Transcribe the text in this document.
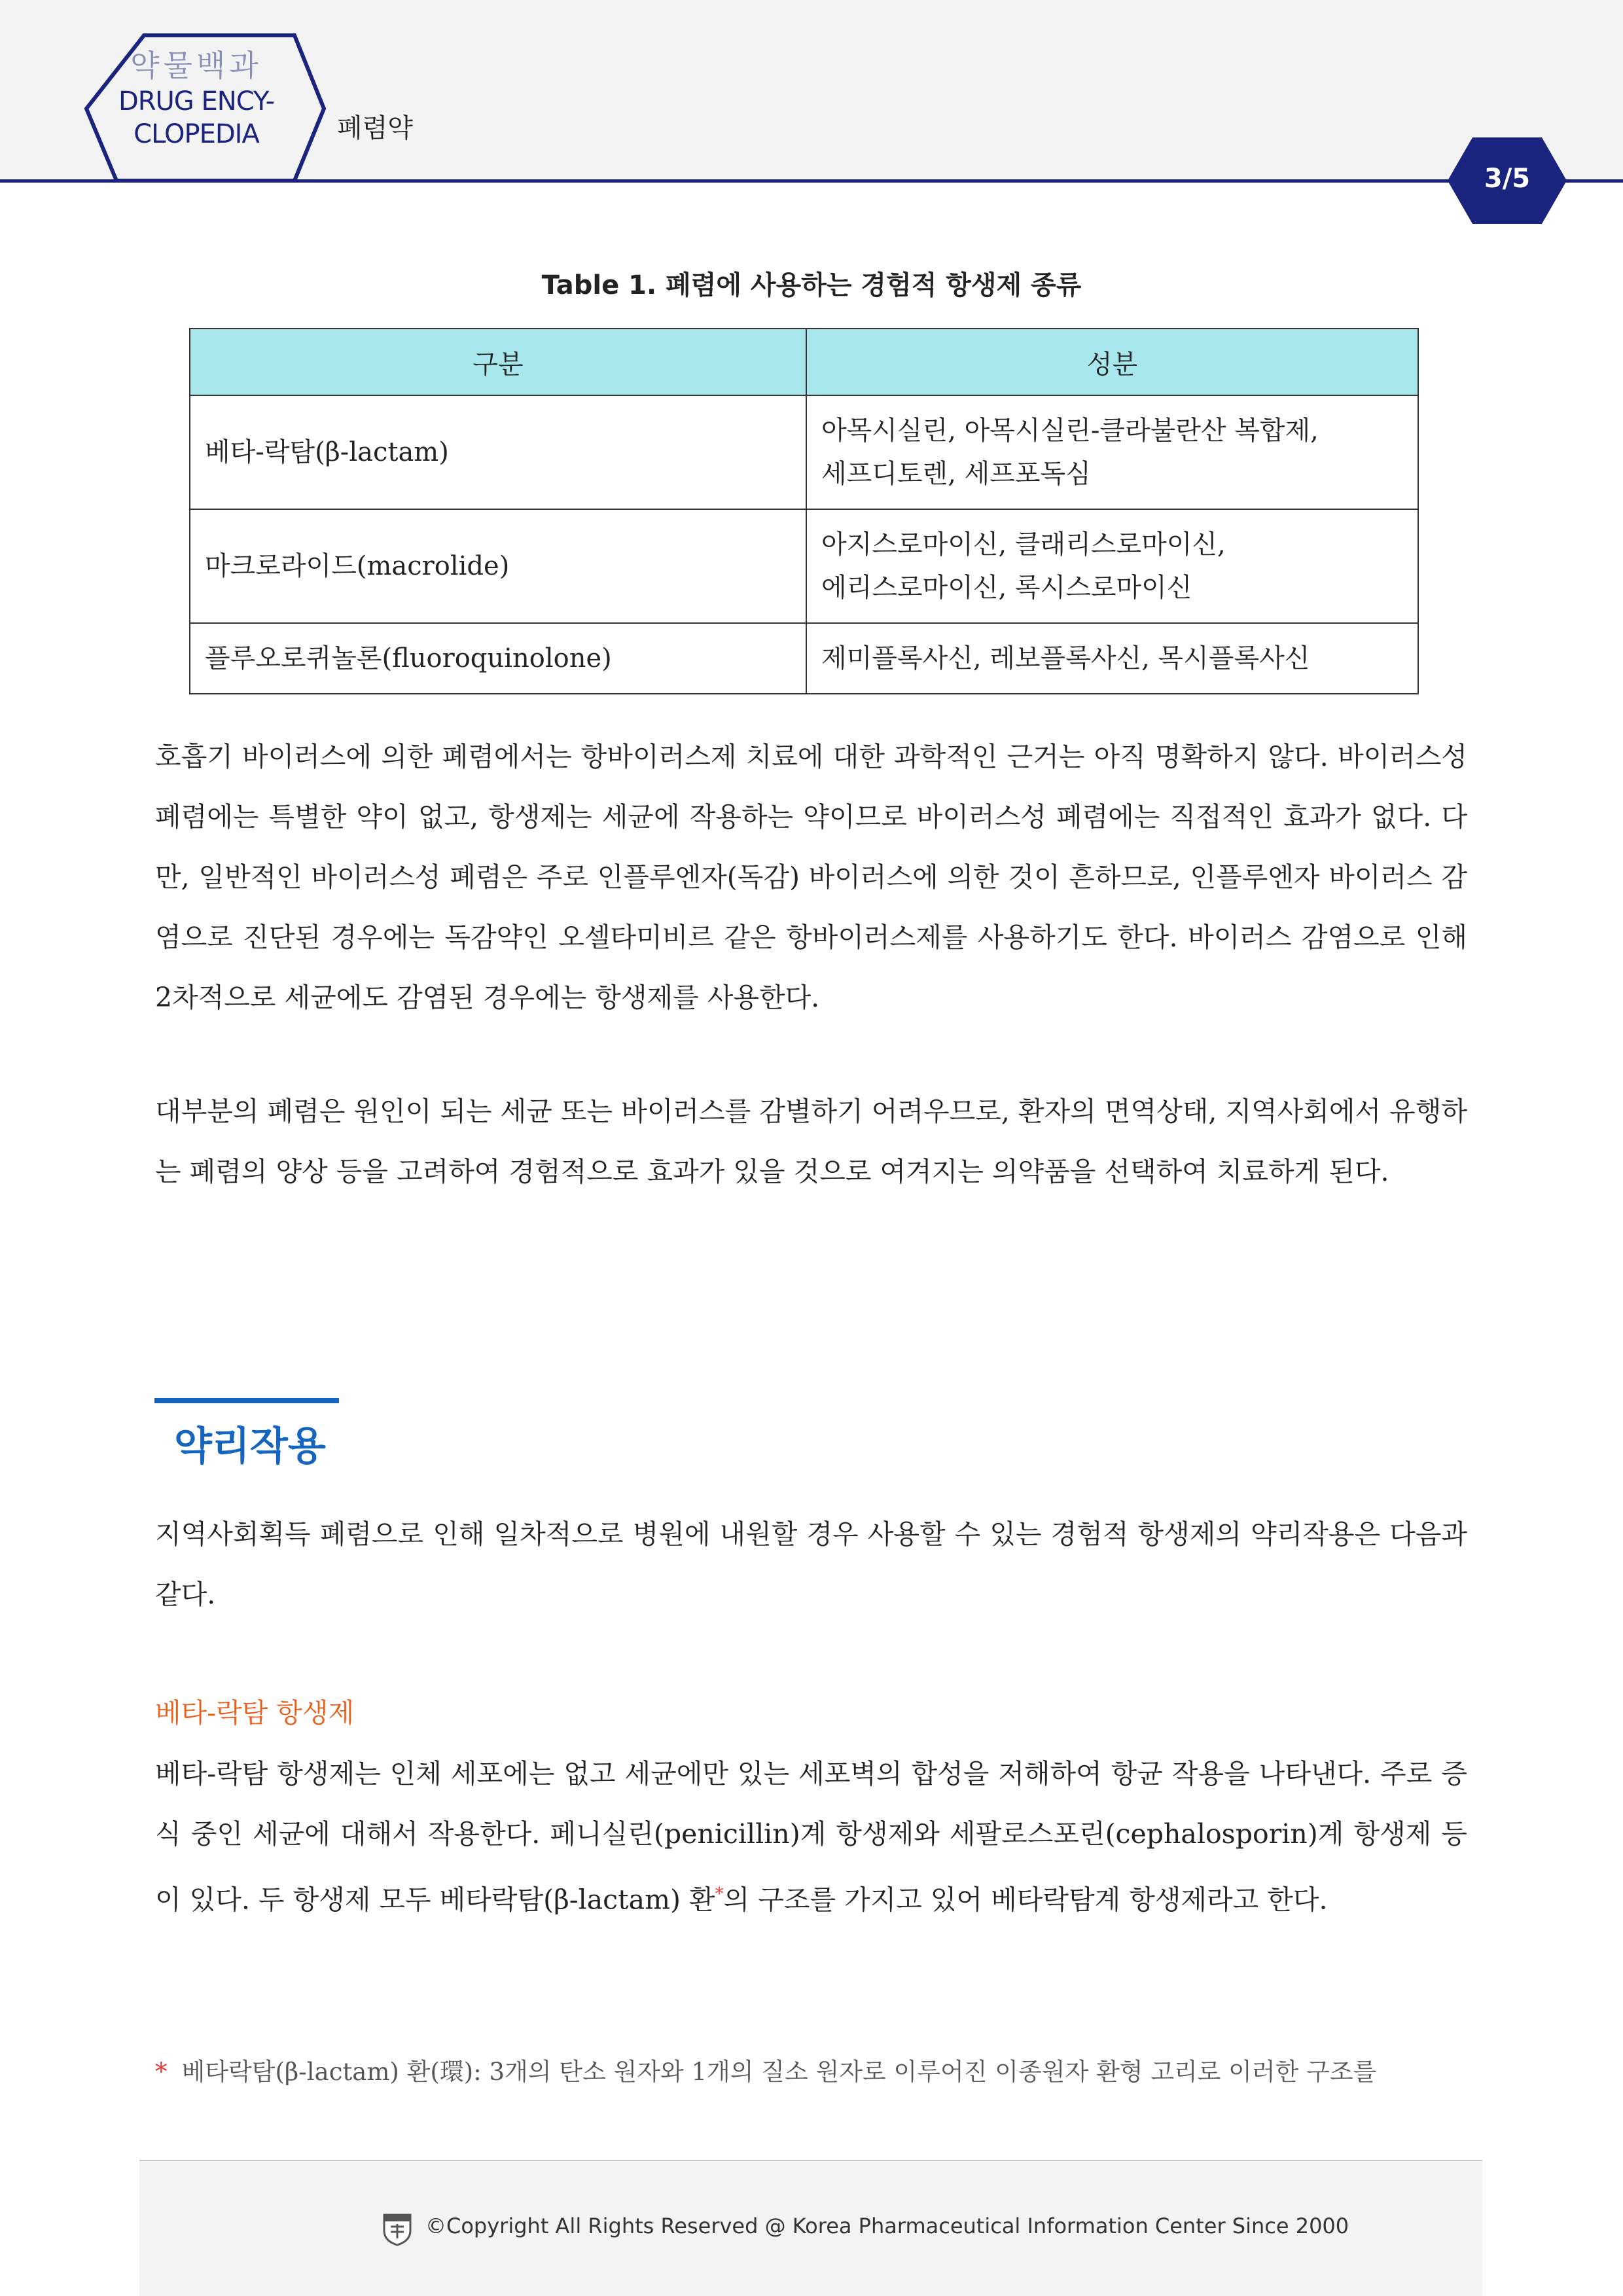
약물백과
DRUG ENCY-
CLOPEDIA	폐렴약
3/5
Table 1. 폐렴에 사용하는 경험적 항생제 종류
구분	성분
베타-락탐(β-lactam)	아목시실린, 아목시실린-클라불란산 복합제,
세프디토렌, 세프포독심

마크로라이드(macrolide)	아지스로마이신, 클래리스로마이신,
에리스로마이신, 록시스로마이신

플루오로퀴놀론(fluoroquinolone)	제미플록사신, 레보플록사신, 목시플록사신

호흡기 바이러스에 의한 폐렴에서는 항바이러스제 치료에 대한 과학적인 근거는 아직 명확하지 않다. 바이러스성 폐렴에는 특별한 약이 없고, 항생제는 세균에 작용하는 약이므로 바이러스성 폐렴에는 직접적인 효과가 없다. 다만, 일반적인 바이러스성 폐렴은 주로 인플루엔자(독감) 바이러스에 의한 것이 흔하므로, 인플루엔자 바이러스 감염으로 진단된 경우에는 독감약인 오셀타미비르 같은 항바이러스제를 사용하기도 한다. 바이러스 감염으로 인해 2차적으로 세균에도 감염된 경우에는 항생제를 사용한다.

대부분의 폐렴은 원인이 되는 세균 또는 바이러스를 감별하기 어려우므로, 환자의 면역상태, 지역사회에서 유행하는 폐렴의 양상 등을 고려하여 경험적으로 효과가 있을 것으로 여겨지는 의약품을 선택하여 치료하게 된다.

약리작용

지역사회획득 폐렴으로 인해 일차적으로 병원에 내원할 경우 사용할 수 있는 경험적 항생제의 약리작용은 다음과 같다.

베타-락탐 항생제

베타-락탐 항생제는 인체 세포에는 없고 세균에만 있는 세포벽의 합성을 저해하여 항균 작용을 나타낸다. 주로 증식 중인 세균에 대해서 작용한다. 페니실린(penicillin)계 항생제와 세팔로스포린(cephalosporin)계 항생제 등이 있다. 두 항생제 모두 베타락탐(β-lactam) 환*의 구조를 가지고 있어 베타락탐계 항생제라고 한다.

* 베타락탐(β-lactam) 환(環): 3개의 탄소 원자와 1개의 질소 원자로 이루어진 이종원자 환형 고리로 이러한 구조를
©Copyright All Rights Reserved @ Korea Pharmaceutical Information Center Since 2000
